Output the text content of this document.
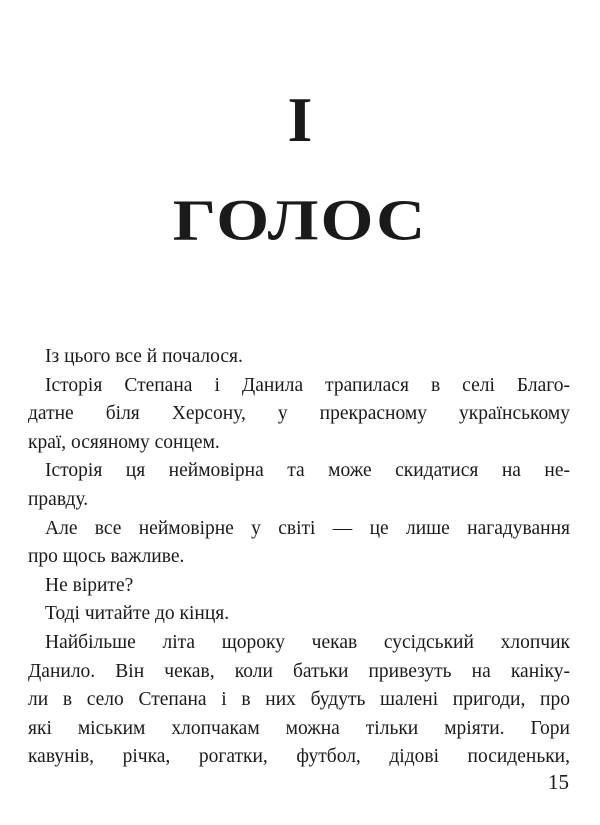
І
ГОЛОС
Із цього все й почалося.
Історія Степана і Данила трапилася в селі Благо-
датне біля Херсону, у прекрасному українському
краї, осяяному сонцем.
Історія ця неймовірна та може скидатися на не-
правду.
Але все неймовірне у світі — це лише нагадування
про щось важливе.
Не вірите?
Тоді читайте до кінця.
Найбільше літа щороку чекав сусідський хлопчик
Данило. Він чекав, коли батьки привезуть на каніку-
ли в село Степана і в них будуть шалені пригоди, про
які міським хлопчакам можна тільки мріяти. Гори
кавунів, річка, рогатки, футбол, дідові посиденьки,
15
